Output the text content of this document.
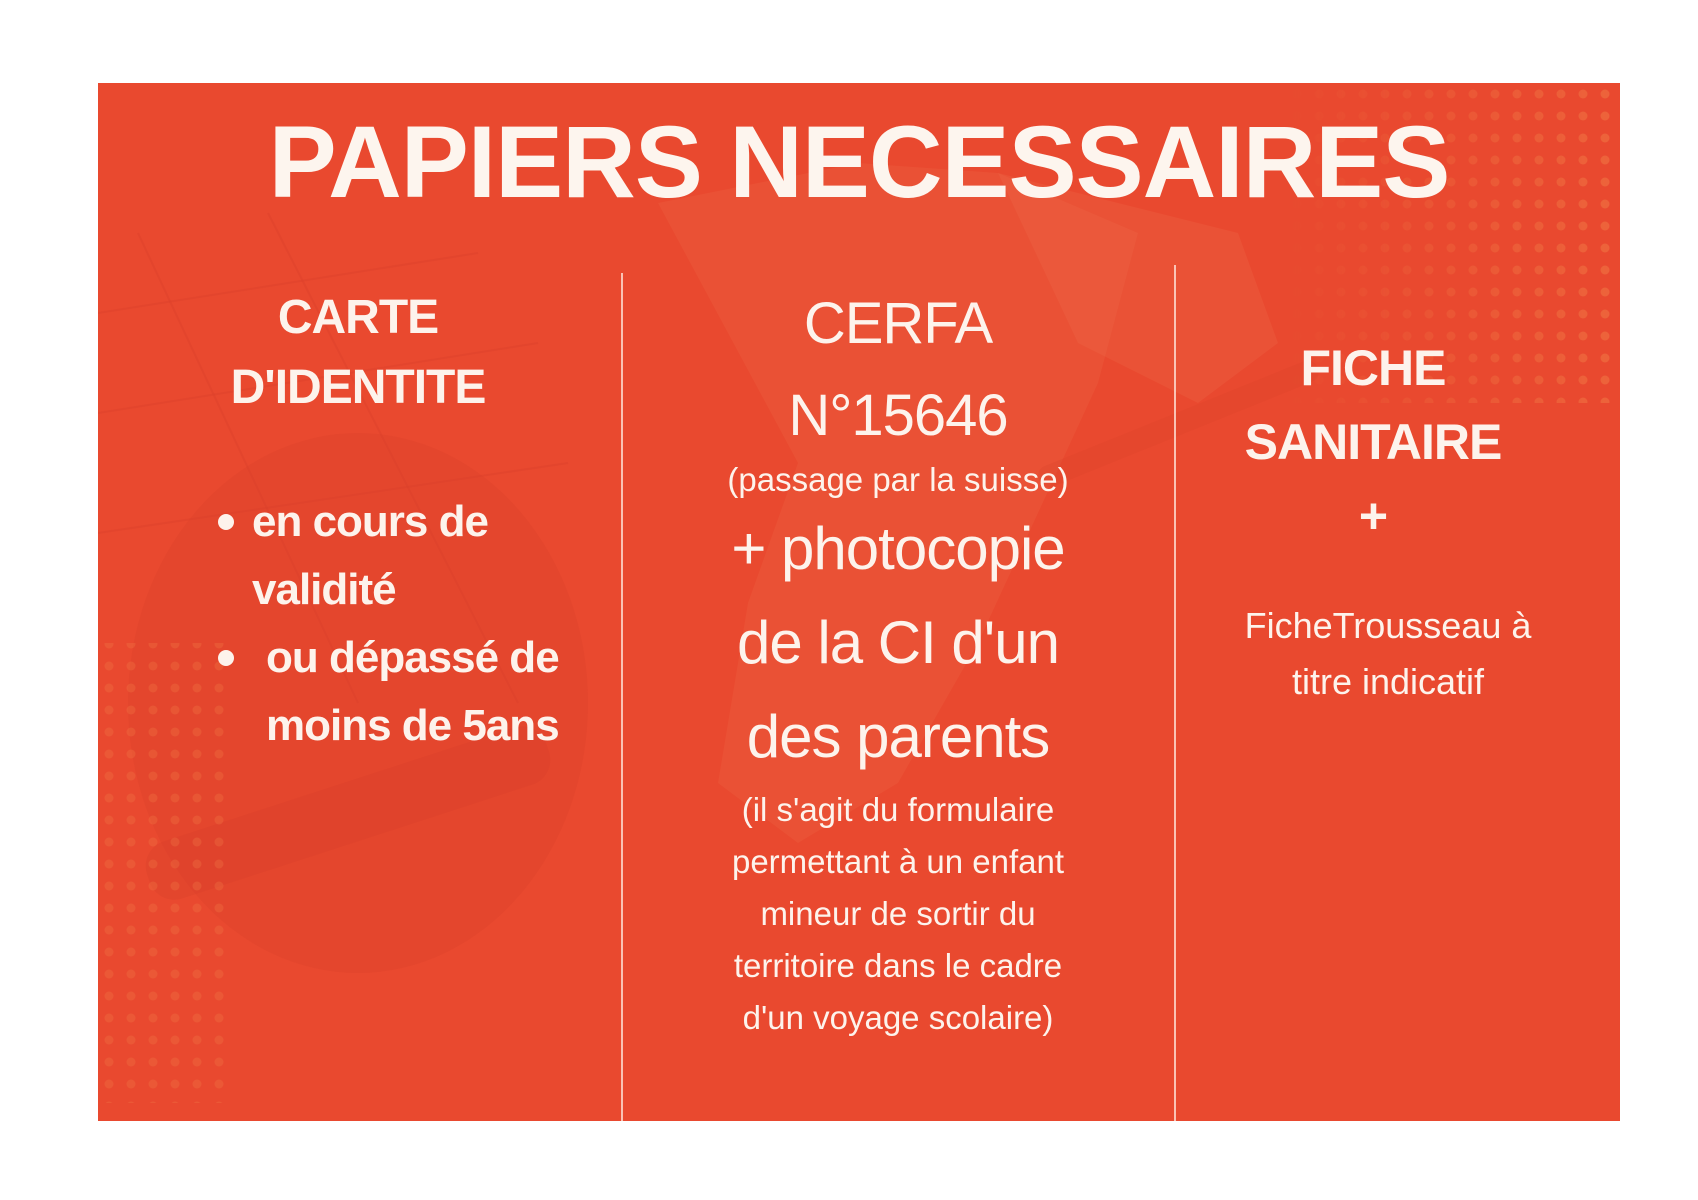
PAPIERS NECESSAIRES
CARTE
D'IDENTITE
en cours de validité
ou dépassé de moins de 5ans
CERFA
N°15646
(passage par la suisse)
+ photocopie
de la CI d'un
des parents
(il s'agit du formulaire
permettant à un enfant
mineur de sortir du
territoire dans le cadre
d'un voyage scolaire)
FICHE
SANITAIRE
+
FicheTrousseau à
titre indicatif
